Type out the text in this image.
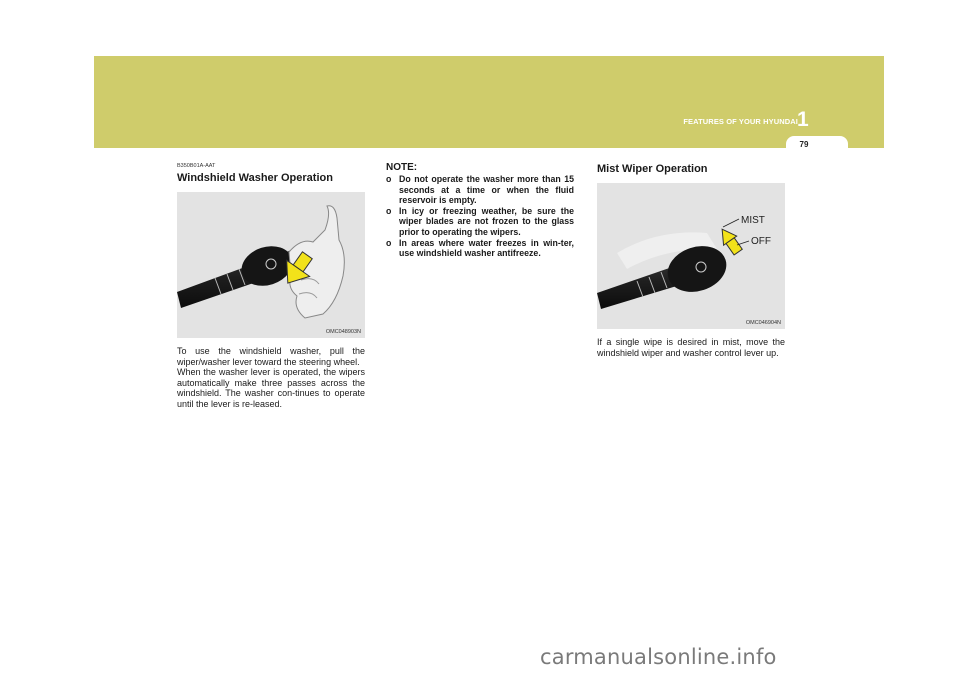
FEATURES OF YOUR HYUNDAI 1
79
B350B01A-AAT
Windshield Washer Operation
OMC048903N

To use the windshield washer, pull the wiper/washer lever toward the steering wheel.

When the washer lever is operated, the wipers automatically make three passes across the windshield. The washer con-tinues to operate until the lever is re-leased.

NOTE:
o Do not operate the washer more than 15 seconds at a time or when the fluid reservoir is empty.
o In icy or freezing weather, be sure the wiper blades are not frozen to the glass prior to operating the wipers.
o In areas where water freezes in win-ter, use windshield washer antifreeze.
Mist Wiper Operation
MIST
OFF
OMC046904N

If a single wipe is desired in mist, move the windshield wiper and washer control lever up.

carmanualsonline.info
